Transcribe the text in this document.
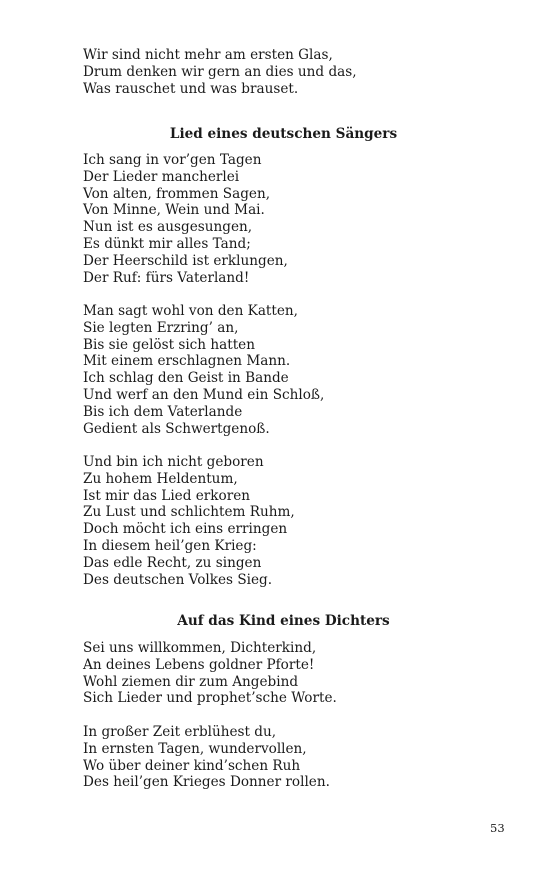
Wir sind nicht mehr am ersten Glas,
Drum denken wir gern an dies und das,
Was rauschet und was brauset.
Lied eines deutschen Sängers
Ich sang in vor’gen Tagen
Der Lieder mancherlei
Von alten, frommen Sagen,
Von Minne, Wein und Mai.
Nun ist es ausgesungen,
Es dünkt mir alles Tand;
Der Heerschild ist erklungen,
Der Ruf: fürs Vaterland!
Man sagt wohl von den Katten,
Sie legten Erzring’ an,
Bis sie gelöst sich hatten
Mit einem erschlagnen Mann.
Ich schlag den Geist in Bande
Und werf an den Mund ein Schloß,
Bis ich dem Vaterlande
Gedient als Schwertgenoß.
Und bin ich nicht geboren
Zu hohem Heldentum,
Ist mir das Lied erkoren
Zu Lust und schlichtem Ruhm,
Doch möcht ich eins erringen
In diesem heil’gen Krieg:
Das edle Recht, zu singen
Des deutschen Volkes Sieg.
Auf das Kind eines Dichters
Sei uns willkommen, Dichterkind,
An deines Lebens goldner Pforte!
Wohl ziemen dir zum Angebind
Sich Lieder und prophet’sche Worte.
In großer Zeit erblühest du,
In ernsten Tagen, wundervollen,
Wo über deiner kind’schen Ruh
Des heil’gen Krieges Donner rollen.
53
